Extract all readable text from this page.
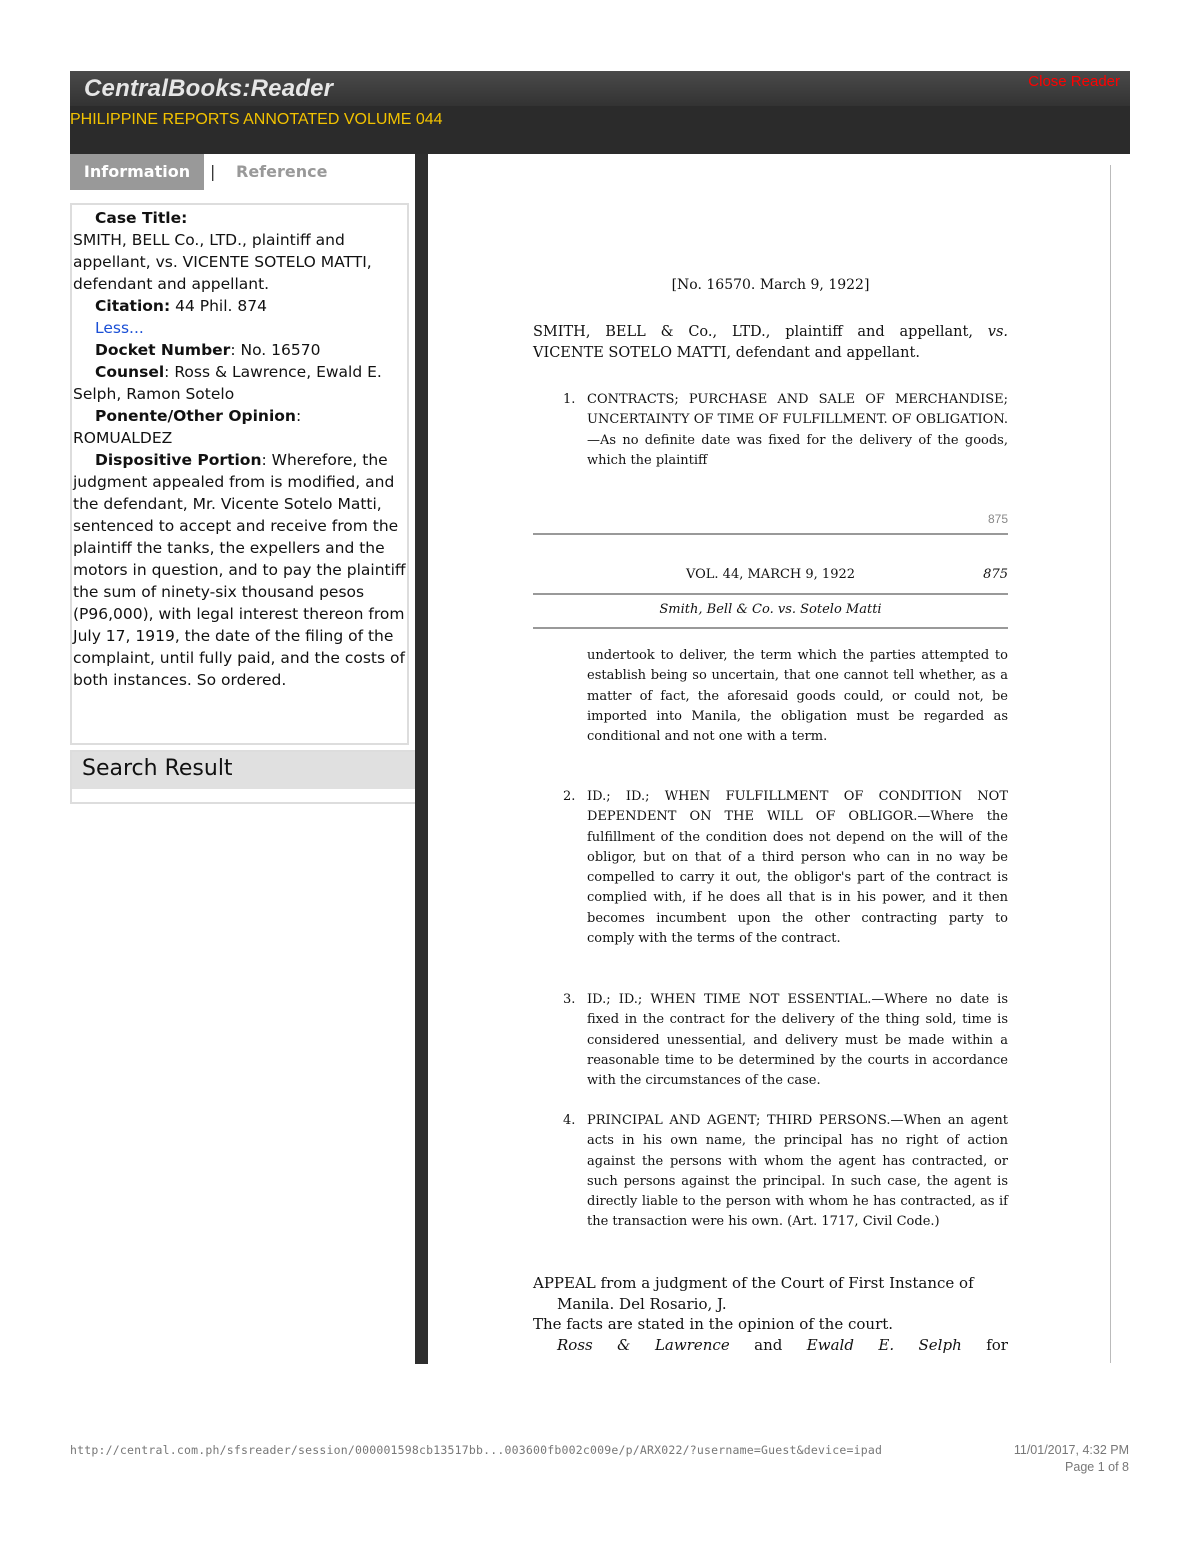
CentralBooks:Reader	Close Reader
PHILIPPINE REPORTS ANNOTATED VOLUME 044
Information	| Reference

Case Title:
SMITH, BELL Co., LTD., plaintiff and appellant, vs. VICENTE SOTELO MATTI, defendant and appellant.

Citation: 44 Phil. 874

Less...

Docket Number: No. 16570

Counsel: Ross & Lawrence, Ewald E. Selph, Ramon Sotelo

Ponente/Other Opinion:
ROMUALDEZ

Dispositive Portion: Wherefore, the judgment appealed from is modified, and the defendant, Mr. Vicente Sotelo Matti, sentenced to accept and receive from the plaintiff the tanks, the expellers and the motors in question, and to pay the plaintiff the sum of ninety-six thousand pesos (P96,000), with legal interest thereon from July 17, 1919, the date of the filing of the complaint, until fully paid, and the costs of both instances. So ordered.

Search Result
[No. 16570. March 9, 1922]
SMITH, BELL & Co., LTD., plaintiff and appellant, vs.
VICENTE SOTELO MATTI, defendant and appellant.
1. CONTRACTS; PURCHASE AND SALE OF MERCHANDISE; UNCERTAINTY OF TIME OF FULFILLMENT. OF OBLIGATION.—As no definite date was fixed for the delivery of the goods, which the plaintiff
875
VOL. 44, MARCH 9, 1922	875
Smith, Bell & Co. vs. Sotelo Matti
undertook to deliver, the term which the parties attempted to establish being so uncertain, that one cannot tell whether, as a matter of fact, the aforesaid goods could, or could not, be imported into Manila, the obligation must be regarded as conditional and not one with a term.
2. ID.; ID.; WHEN FULFILLMENT OF CONDITION NOT DEPENDENT ON THE WILL OF OBLIGOR.—Where the fulfillment of the condition does not depend on the will of the obligor, but on that of a third person who can in no way be compelled to carry it out, the obligor's part of the contract is complied with, if he does all that is in his power, and it then becomes incumbent upon the other contracting party to comply with the terms of the contract.
3. ID.; ID.; WHEN TIME NOT ESSENTIAL.—Where no date is fixed in the contract for the delivery of the thing sold, time is considered unessential, and delivery must be made within a reasonable time to be determined by the courts in accordance with the circumstances of the case.
4. PRINCIPAL AND AGENT; THIRD PERSONS.—When an agent acts in his own name, the principal has no right of action against the persons with whom the agent has contracted, or such persons against the principal. In such case, the agent is directly liable to the person with whom he has contracted, as if the transaction were his own. (Art. 1717, Civil Code.)
APPEAL from a judgment of the Court of First Instance of
Manila. Del Rosario, J.
The facts are stated in the opinion of the court.
Ross & Lawrence and Ewald E. Selph for
http://central.com.ph/sfsreader/session/000001598cb13517bb...003600fb002c009e/p/ARX022/?username=Guest&device=ipad	11/01/2017, 4:32 PM
Page 1 of 8
